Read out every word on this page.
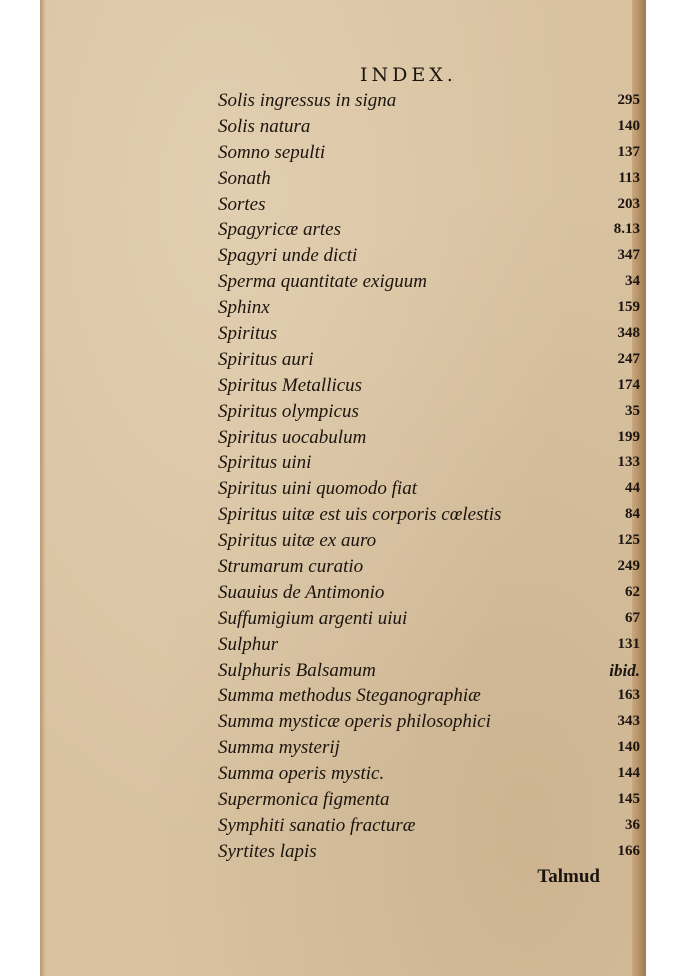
INDEX.
Solis ingressus in signa	295
Solis natura	140
Somno sepulti	137
Sonath	113
Sortes	203
Spagyricæ artes	8.13
Spagyri unde dicti	347
Sperma quantitate exiguum	34
Sphinx	159
Spiritus	348
Spiritus auri	247
Spiritus Metallicus	174
Spiritus olympicus	35
Spiritus uocabulum	199
Spiritus uini	133
Spiritus uini quomodo fiat	44
Spiritus uitæ est uis corporis cœlestis	84
Spiritus uitæ ex auro	125
Strumarum curatio	249
Suauius de Antimonio	62
Suffumigium argenti uiui	67
Sulphur	131
Sulphuris Balsamum	ibid.
Summa methodus Steganographiæ	163
Summa mysticæ operis philosophici	343
Summa mysterij	140
Summa operis mystic.	144
Supermonica figmenta	145
Symphiti sanatio fracturæ	36
Syrtites lapis	166
Talmud
